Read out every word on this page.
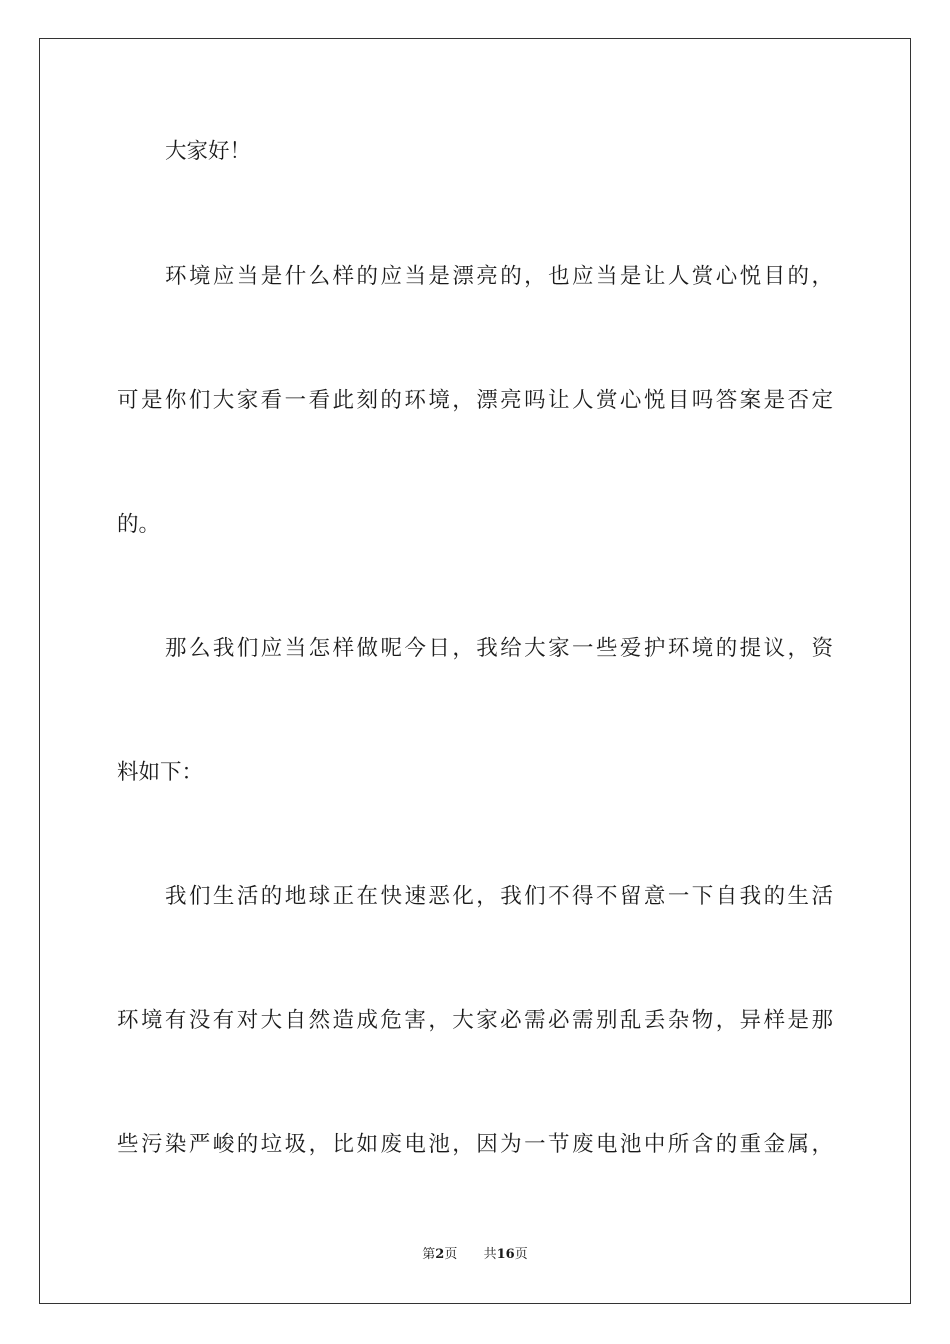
大家好！
环境应当是什么样的应当是漂亮的，也应当是让人赏心悦目的，
可是你们大家看一看此刻的环境，漂亮吗让人赏心悦目吗答案是否定
的。
那么我们应当怎样做呢今日，我给大家一些爱护环境的提议，资
料如下：
我们生活的地球正在快速恶化，我们不得不留意一下自我的生活
环境有没有对大自然造成危害，大家必需必需别乱丢杂物，异样是那
些污染严峻的垃圾，比如废电池，因为一节废电池中所含的重金属，
第2页 共16页
